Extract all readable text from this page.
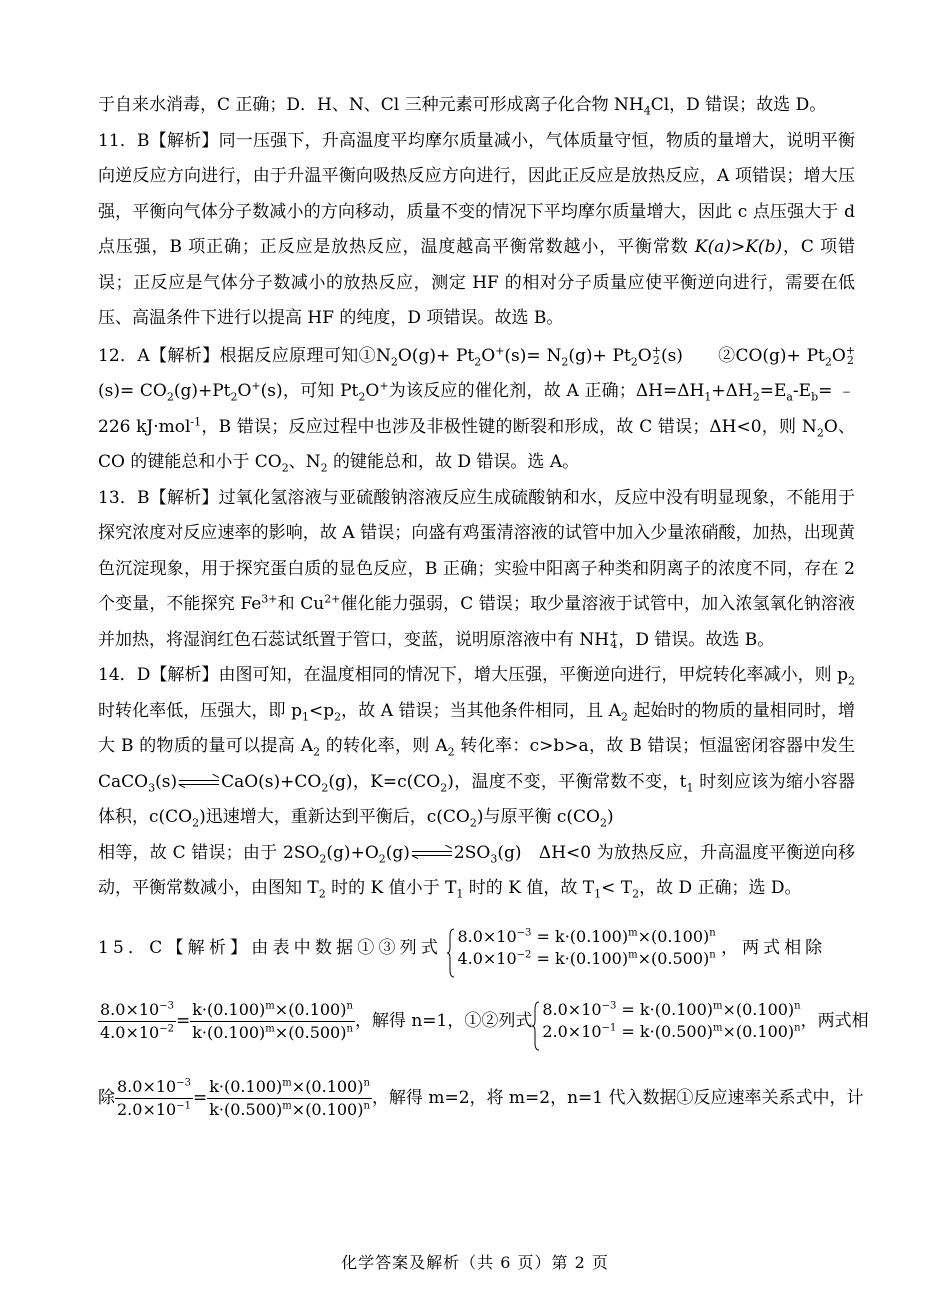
于自来水消毒，C 正确；D．H、N、Cl 三种元素可形成离子化合物 $NH_4Cl$，D 错误；故选 D。

11．B【解析】同一压强下，升高温度平均摩尔质量减小，气体质量守恒，物质的量增大，说明平衡向逆反应方向进行，由于升温平衡向吸热反应方向进行，因此正反应是放热反应，A 项错误；增大压强，平衡向气体分子数减小的方向移动，质量不变的情况下平均摩尔质量增大，因此 c 点压强大于 d 点压强，B 项正确；正反应是放热反应，温度越高平衡常数越小，平衡常数 K(a)>K(b)，C 项错误；正反应是气体分子数减小的放热反应，测定 HF 的相对分子质量应使平衡逆向进行，需要在低压、高温条件下进行以提高 HF 的纯度，D 项错误。故选 B。

12．A【解析】根据反应原理可知$①N_2O(g)+ Pt_2O^+(s)= N_2(g)+ Pt_2O$ +
2 (s)　　②CO(g)+ $Pt_2O$ +
2
$(s)= CO_2(g)+Pt_2O^+(s)$，可知 $Pt_2O^+$为该反应的催化剂，故 A 正确；$\Delta H=\Delta H_1+\Delta H_2=E_a-E_b=$ ﹣226 kJ·mol$^{-1}$，B 错误；反应过程中也涉及非极性键的断裂和形成，故 C 错误；ΔH<0，则 $N_2O$、CO 的键能总和小于 $CO_2$、$N_2$ 的键能总和，故 D 错误。选 A。

13．B【解析】过氧化氢溶液与亚硫酸钠溶液反应生成硫酸钠和水，反应中没有明显现象，不能用于探究浓度对反应速率的影响，故 A 错误；向盛有鸡蛋清溶液的试管中加入少量浓硝酸，加热，出现黄色沉淀现象，用于探究蛋白质的显色反应，B 正确；实验中阳离子种类和阴离子的浓度不同，存在 2 个变量，不能探究 $Fe^{3+}$和 $Cu^{2+}$催化能力强弱，C 错误；取少量溶液于试管中，加入浓氢氧化钠溶液并加热，将湿润红色石蕊试纸置于管口，变蓝，说明原溶液中有 NH +
4 ，D 错误。故选 B。

14．D【解析】由图可知，在温度相同的情况下，增大压强，平衡逆向进行，甲烷转化率减小，则 $p_2$ 时转化率低，压强大，即 $p_1<p_2$，故 A 错误；当其他条件相同，且 $A_2$ 起始时的物质的量相同时，增大 B 的物质的量可以提高 $A_2$ 的转化率，则 $A_2$ 转化率：c>b>a，故 B 错误；恒温密闭容器中发生 CaCO$_3$(s)	$CaO(s)+CO_2(g)$，$K=c(CO_2)$，温度不变，平衡常数不变，$t_1$ 时刻应该为缩小容器体积，$c(CO_2)$迅速增大，重新达到平衡后，$c(CO_2)$与原平衡 $c(CO_2)$
相等，故 C 错误；由于 $2SO_2(g)+O_2(g)$	$2SO_3(g)$　ΔH<0 为放热反应，升高温度平衡逆向移动，平衡常数减小，由图知 $T_2$ 时的 K 值小于 $T_1$ 时的 K 值，故 $T_1< T_2$，故 D 正确；选 D。

15．C【解析】由表中数据①③列式
$8.0\times 10^{-3} = k\cdot(0.100)^m\times(0.100)^n$
$4.0\times 10^{-2} = k\cdot(0.100)^m\times(0.500)^n$ ，两式相除
$\frac{8.0\times 10^{-3}}{4.0\times 10^{-2}} = \frac{k\cdot(0.100)^m\times(0.100)^n}{k\cdot(0.100)^m\times(0.500)^n}$ ，解得 n=1，①②列式
$8.0\times 10^{-3} = k\cdot(0.100)^m\times(0.100)^n$
$2.0\times 10^{-1} = k\cdot(0.500)^m\times(0.100)^n$ ，两式相
除 $\frac{8.0\times 10^{-3}}{2.0\times 10^{-1}} = \frac{k\cdot(0.100)^m\times(0.100)^n}{k\cdot(0.500)^m\times(0.100)^n}$ ，解得 m=2，将 m=2，n=1 代入数据①反应速率关系式中，计
化学答案及解析（共 6 页）第 2 页
